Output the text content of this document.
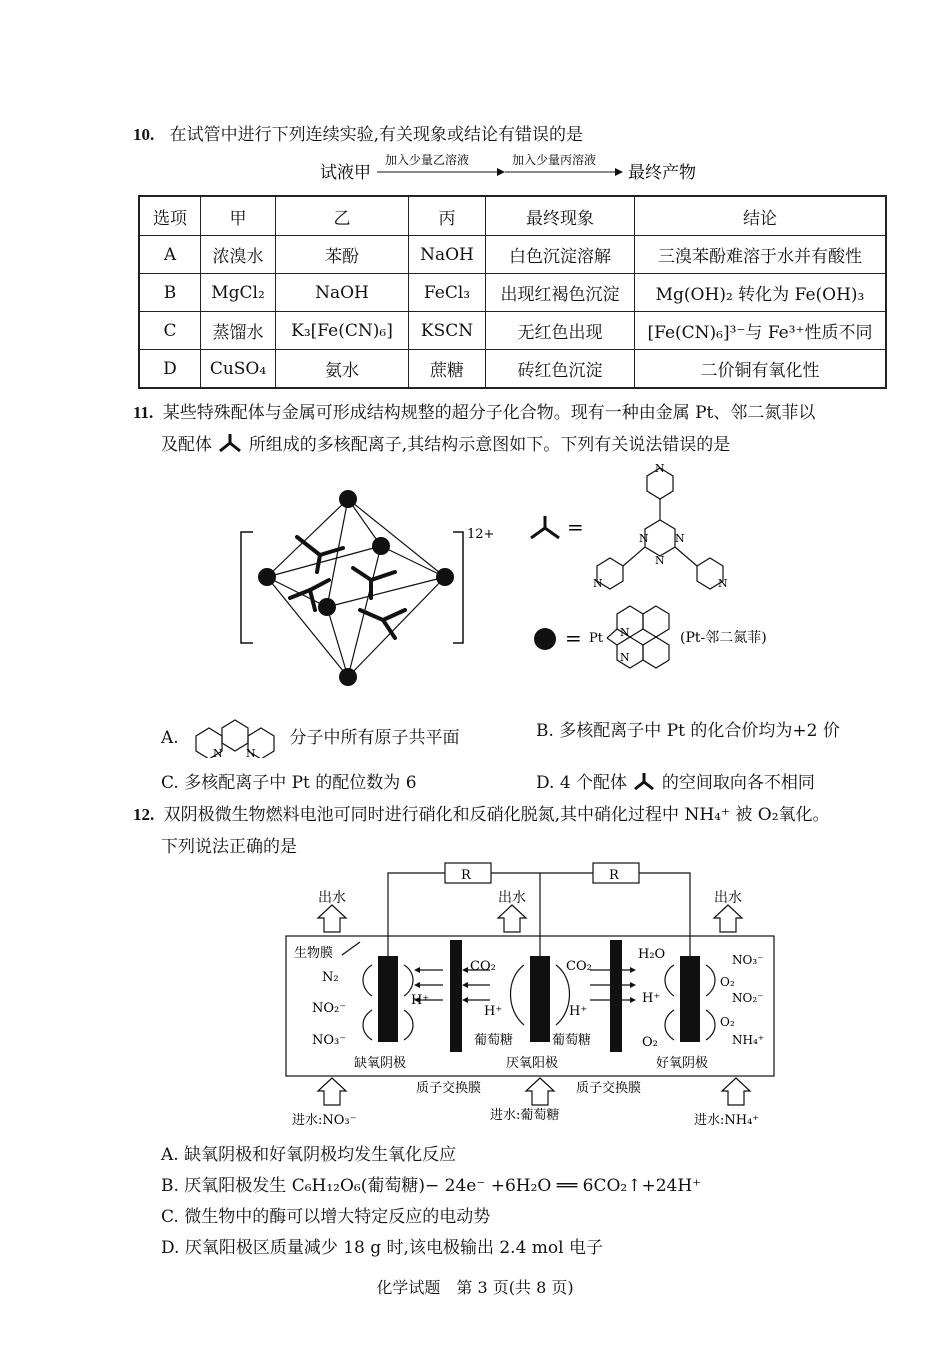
10. 在试管中进行下列连续实验,有关现象或结论有错误的是
试液甲
加入少量乙溶液	加入少量丙溶液
最终产物
选项	甲	乙	丙	最终现象	结论
A	浓溴水	苯酚	NaOH	白色沉淀溶解	三溴苯酚难溶于水并有酸性
B	MgCl₂	NaOH	FeCl₃	出现红褐色沉淀	Mg(OH)₂ 转化为 Fe(OH)₃
C	蒸馏水	K₃[Fe(CN)₆]	KSCN	无红色出现	[Fe(CN)₆]³⁻与 Fe³⁺性质不同
D	CuSO₄	氨水	蔗糖	砖红色沉淀	二价铜有氧化性
11. 某些特殊配体与金属可形成结构规整的超分子化合物。现有一种由金属 Pt、邻二氮菲以
及配体 所组成的多核配离子,其结构示意图如下。下列有关说法错误的是
12+	=
N
N
N
N
N	N
= Pt N
N
(Pt-邻二氮菲)
A.
N N
分子中所有原子共平面	B. 多核配离子中 Pt 的化合价均为+2 价
C. 多核配离子中 Pt 的配位数为 6	D. 4 个配体 的空间取向各不相同
12. 双阴极微生物燃料电池可同时进行硝化和反硝化脱氮,其中硝化过程中 NH₄⁺ 被 O₂氧化。
下列说法正确的是
R	R
出水	出水	出水
生物膜
N₂
NO₂⁻
NO₃⁻
H⁺
缺氧阴极
CO₂	CO₂
H⁺	H⁺
葡萄糖	葡萄糖
厌氧阳极
H₂O
H⁺
O₂
NO₃⁻
O₂
NO₂⁻
O₂
NH₄⁺
好氧阴极
质子交换膜	质子交换膜
进水:NO₃⁻	进水:葡萄糖	进水:NH₄⁺
A. 缺氧阴极和好氧阴极均发生氧化反应
B. 厌氧阳极发生 C₆H₁₂O₆(葡萄糖)− 24e⁻ +6H₂O ══ 6CO₂↑+24H⁺
C. 微生物中的酶可以增大特定反应的电动势
D. 厌氧阳极区质量减少 18 g 时,该电极输出 2.4 mol 电子
化学试题　第 3 页(共 8 页)
